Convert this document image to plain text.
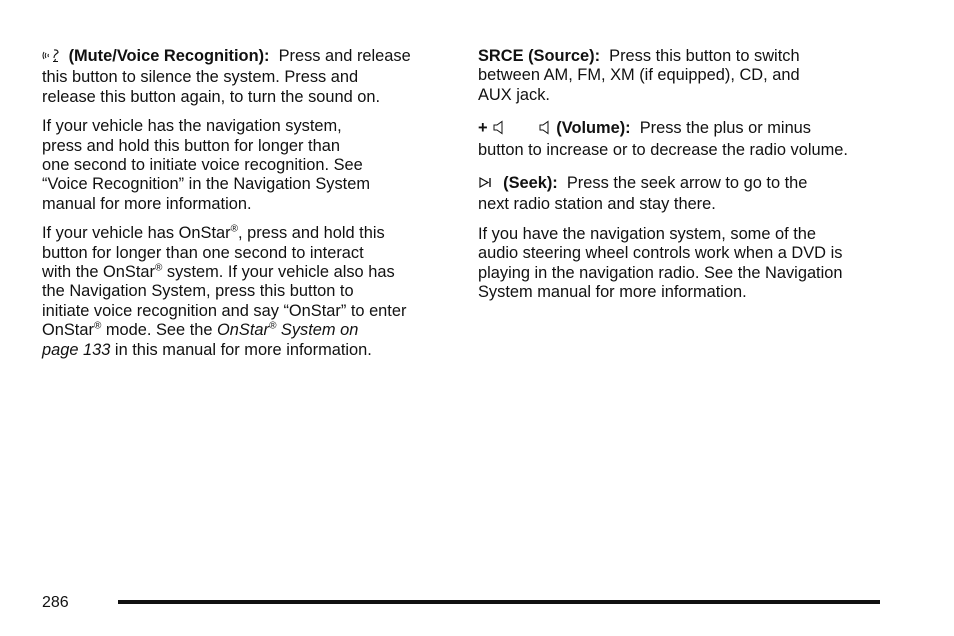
(Mute/Voice Recognition): Press and release
this button to silence the system. Press and
release this button again, to turn the sound on.

If your vehicle has the navigation system,
press and hold this button for longer than
one second to initiate voice recognition. See
“Voice Recognition” in the Navigation System
manual for more information.

If your vehicle has OnStar®, press and hold this
button for longer than one second to interact
with the OnStar® system. If your vehicle also has
the Navigation System, press this button to
initiate voice recognition and say “OnStar” to enter
OnStar® mode. See the OnStar® System on
page 133 in this manual for more information.

SRCE (Source): Press this button to switch
between AM, FM, XM (if equipped), CD, and
AUX jack.

+	(Volume): Press the plus or minus
button to increase or to decrease the radio volume.

(Seek): Press the seek arrow to go to the
next radio station and stay there.

If you have the navigation system, some of the
audio steering wheel controls work when a DVD is
playing in the navigation radio. See the Navigation
System manual for more information.

286
